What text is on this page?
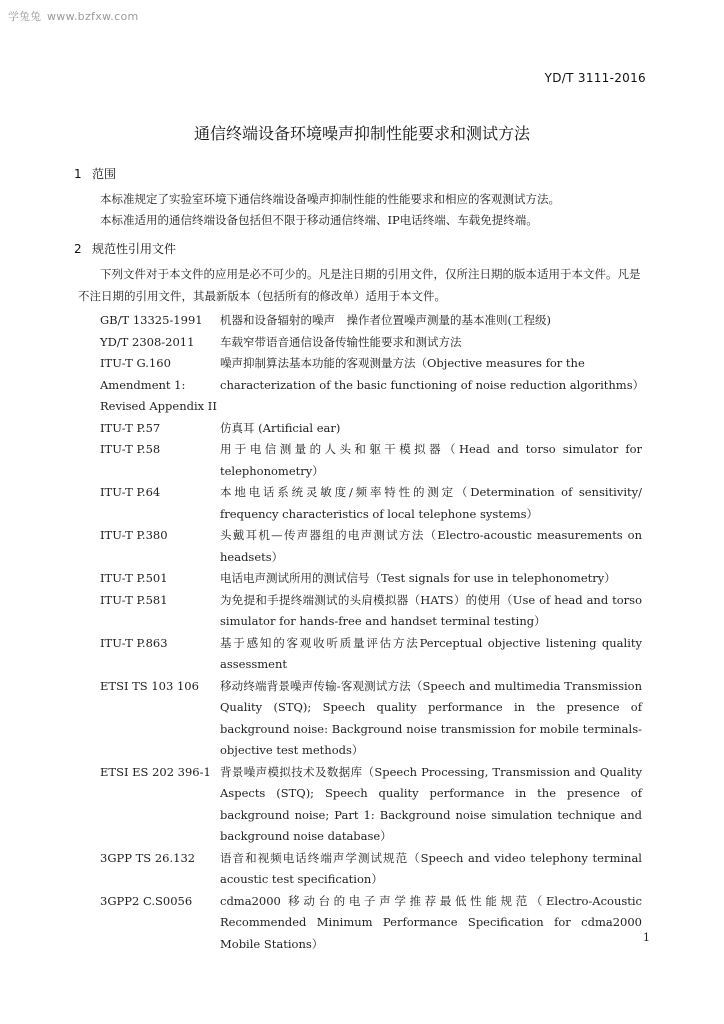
学兔兔 www.bzfxw.com
YD/T 3111-2016
通信终端设备环境噪声抑制性能要求和测试方法
1 范围

本标准规定了实验室环境下通信终端设备噪声抑制性能的性能要求和相应的客观测试方法。

本标准适用的通信终端设备包括但不限于移动通信终端、IP电话终端、车载免提终端。

2 规范性引用文件

下列文件对于本文件的应用是必不可少的。凡是注日期的引用文件，仅所注日期的版本适用于本文件。凡是不注日期的引用文件，其最新版本（包括所有的修改单）适用于本文件。

GB/T 13325-1991	机器和设备辐射的噪声　操作者位置噪声测量的基本准则(工程级)
YD/T 2308-2011	车载窄带语音通信设备传输性能要求和测试方法
ITU-T G.160	噪声抑制算法基本功能的客观测量方法（Objective measures for the
Amendment 1:	characterization of the basic functioning of noise reduction algorithms）
Revised Appendix II
ITU-T P.57	仿真耳 (Artificial ear)
ITU-T P.58	用于电信测量的人头和躯干模拟器（Head and torso simulator for telephonometry）
ITU-T P.64	本地电话系统灵敏度/频率特性的测定（Determination of sensitivity/ frequency characteristics of local telephone systems）
ITU-T P.380	头戴耳机—传声器组的电声测试方法（Electro-acoustic measurements on headsets）
ITU-T P.501	电话电声测试所用的测试信号（Test signals for use in telephonometry）
ITU-T P.581	为免提和手提终端测试的头肩模拟器（HATS）的使用（Use of head and torso simulator for hands-free and handset terminal testing）
ITU-T P.863	基于感知的客观收听质量评估方法Perceptual objective listening quality assessment
ETSI TS 103 106	移动终端背景噪声传输-客观测试方法（Speech and multimedia Transmission Quality (STQ); Speech quality performance in the presence of background noise: Background noise transmission for mobile terminals-objective test methods）
ETSI ES 202 396-1 背景噪声模拟技术及数据库（Speech Processing, Transmission and Quality Aspects (STQ); Speech quality performance in the presence of background noise; Part 1: Background noise simulation technique and background noise database）
3GPP TS 26.132	语音和视频电话终端声学测试规范（Speech and video telephony terminal acoustic test specification）
3GPP2 C.S0056	cdma2000 移动台的电子声学推荐最低性能规范（Electro-Acoustic Recommended Minimum Performance Specification for cdma2000 Mobile Stations）	1
